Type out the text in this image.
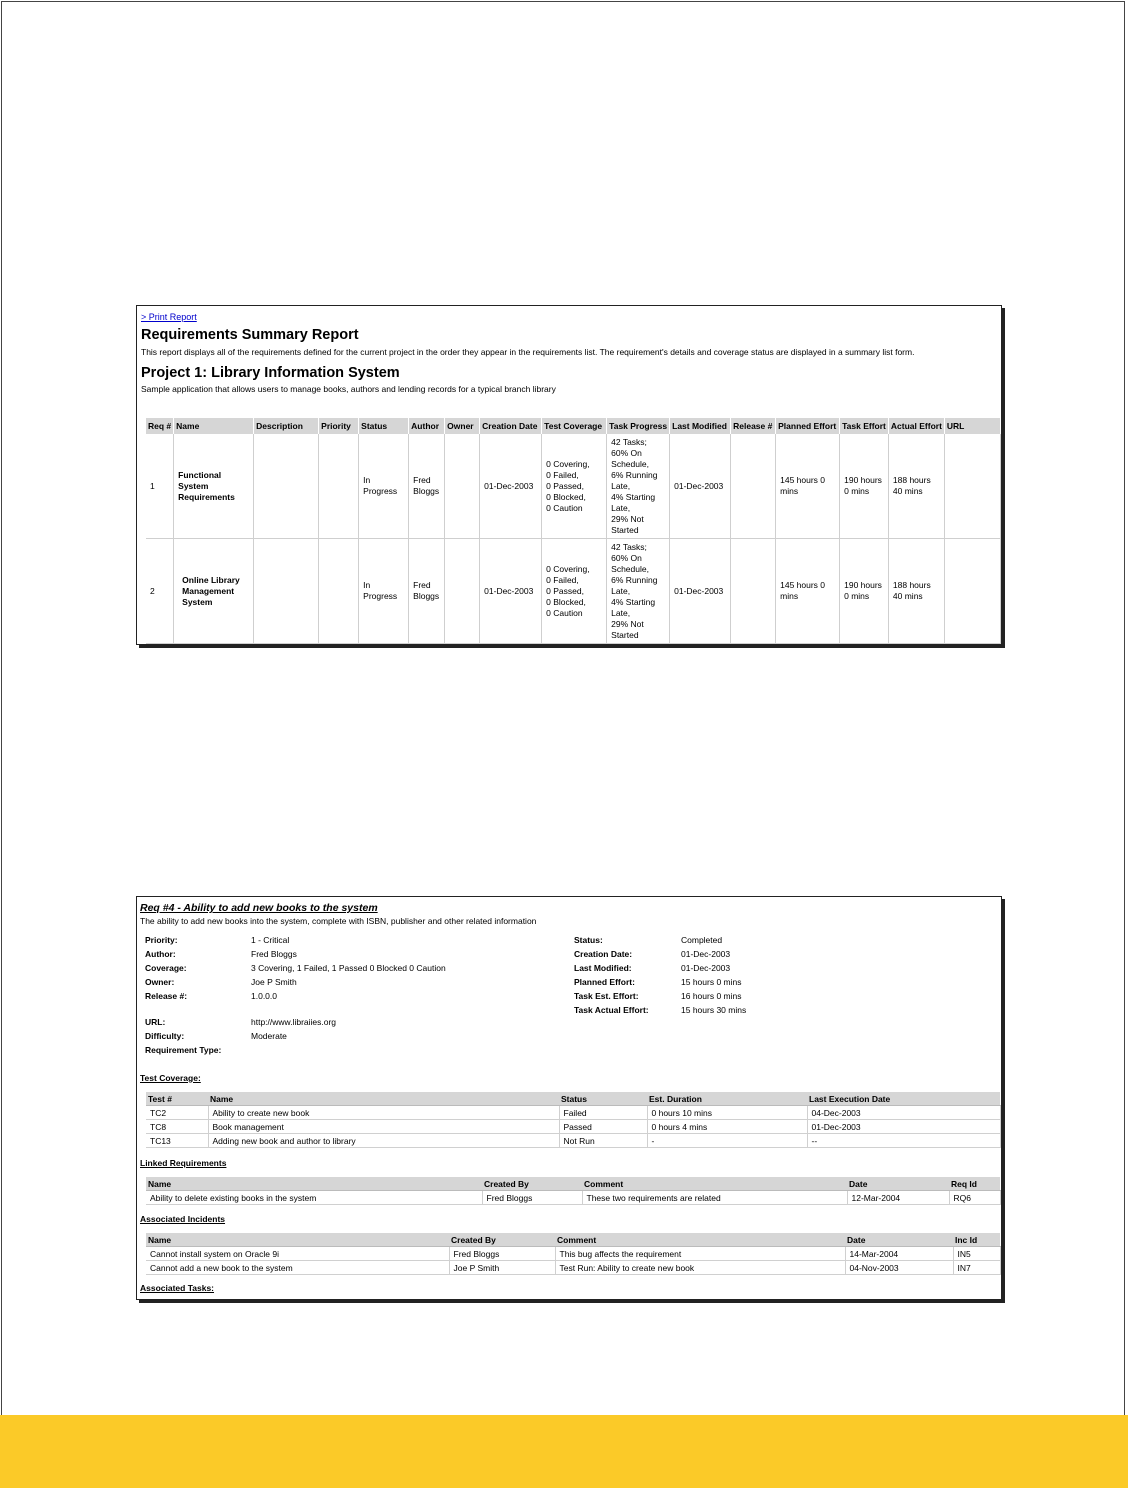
> Print Report
Requirements Summary Report
This report displays all of the requirements defined for the current project in the order they appear in the requirements list. The requirement's details and coverage status are displayed in a summary list form.
Project 1: Library Information System
Sample application that allows users to manage books, authors and lending records for a typical branch library
Req #	Name	Description	Priority	Status	Author	Owner	Creation Date	Test Coverage	Task Progress	Last Modified	Release #	Planned Effort	Task Effort	Actual Effort	URL
1	Functional System Requirements			In Progress	Fred Bloggs		01-Dec-2003	0 Covering,
0 Failed,
0 Passed,
0 Blocked,
0 Caution	42 Tasks;
60% On Schedule,
6% Running Late,
4% Starting Late,
29% Not Started	01-Dec-2003		145 hours 0 mins	190 hours 0 mins	188 hours 40 mins	
2	Online Library Management System			In Progress	Fred Bloggs		01-Dec-2003	0 Covering,
0 Failed,
0 Passed,
0 Blocked,
0 Caution	42 Tasks;
60% On Schedule,
6% Running Late,
4% Starting Late,
29% Not Started	01-Dec-2003		145 hours 0 mins	190 hours 0 mins	188 hours 40 mins	
Req #4 - Ability to add new books to the system
The ability to add new books into the system, complete with ISBN, publisher and other related information
Priority:	1 - Critical
Author:	Fred Bloggs
Coverage:	3 Covering, 1 Failed, 1 Passed 0 Blocked 0 Caution
Owner:	Joe P Smith
Release #:	1.0.0.0
URL:	http://www.libraiies.org
Difficulty:	Moderate
Requirement Type:
Status:	Completed
Creation Date:	01-Dec-2003
Last Modified:	01-Dec-2003
Planned Effort:	15 hours 0 mins
Task Est. Effort:	16 hours 0 mins
Task Actual Effort:	15 hours 30 mins
Test Coverage:
Test #	Name	Status	Est. Duration	Last Execution Date
TC2	Ability to create new book	Failed	0 hours 10 mins	04-Dec-2003
TC8	Book management	Passed	0 hours 4 mins	01-Dec-2003
TC13	Adding new book and author to library	Not Run	-	--
Linked Requirements
Name	Created By	Comment	Date	Req Id
Ability to delete existing books in the system	Fred Bloggs	These two requirements are related	12-Mar-2004	RQ6
Associated Incidents
Name	Created By	Comment	Date	Inc Id
Cannot install system on Oracle 9i	Fred Bloggs	This bug affects the requirement	14-Mar-2004	IN5
Cannot add a new book to the system	Joe P Smith	Test Run: Ability to create new book	04-Nov-2003	IN7
Associated Tasks:
